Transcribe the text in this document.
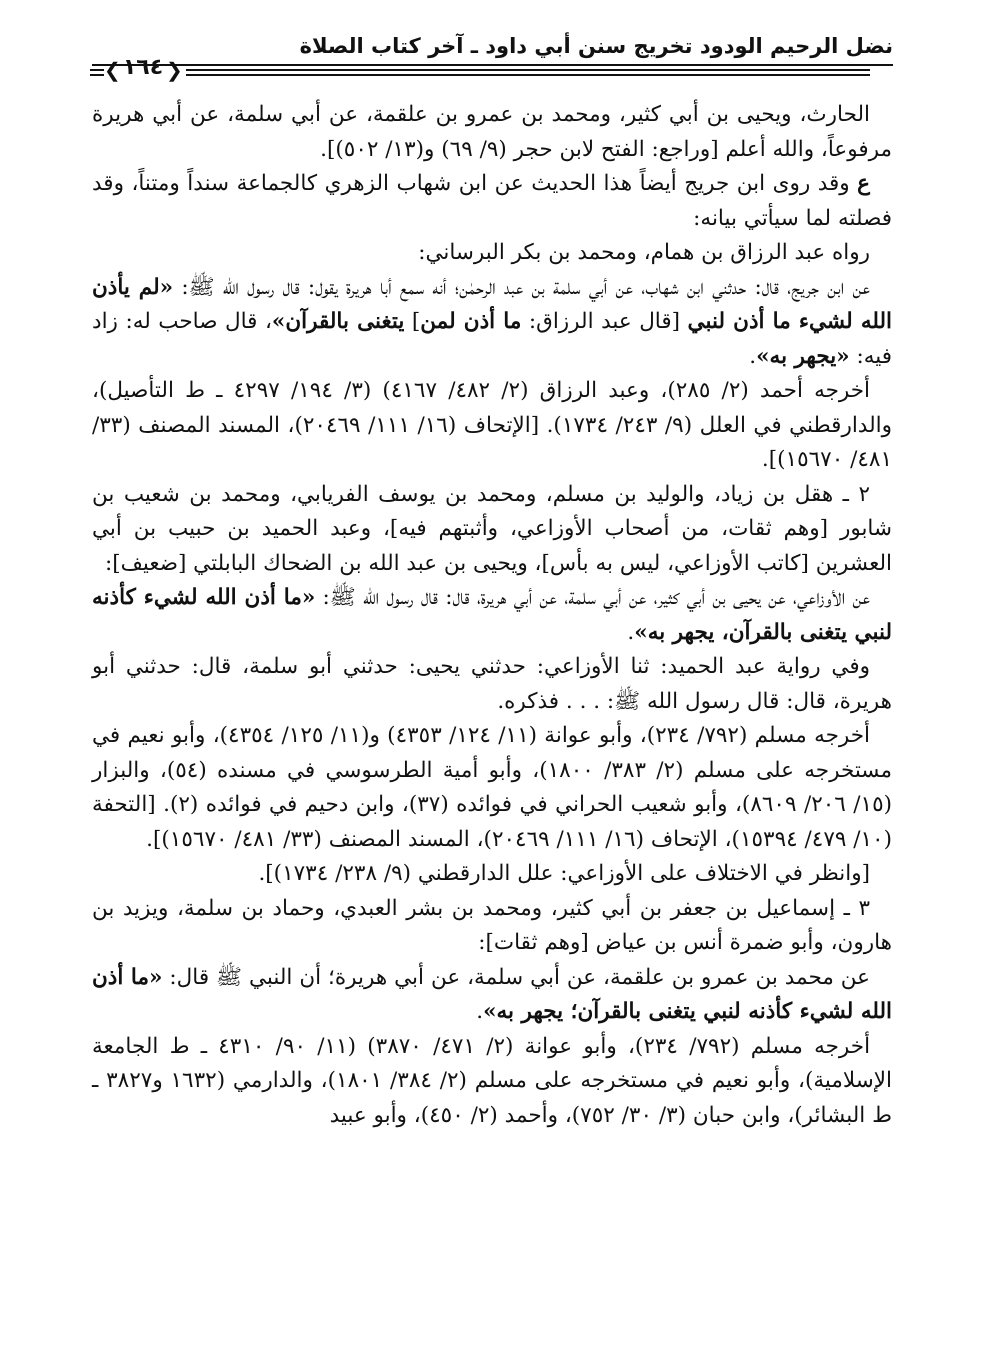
نضل الرحيم الودود تخريج سنن أبي داود ـ آخر كتاب الصلاة
❮ ١٦٤ ❯

الحارث، ويحيى بن أبي كثير، ومحمد بن عمرو بن علقمة، عن أبي سلمة، عن أبي هريرة مرفوعاً، والله أعلم [وراجع: الفتح لابن حجر (٩/ ٦٩) و(١٣/ ٥٠٢)].

ع وقد روى ابن جريج أيضاً هذا الحديث عن ابن شهاب الزهري كالجماعة سنداً ومتناً، وقد فصلته لما سيأتي بيانه:

رواه عبد الرزاق بن همام، ومحمد بن بكر البرساني:

عن ابن جريج، قال: حدثني ابن شهاب، عن أبي سلمة بن عبد الرحمٰن؛ أنه سمع أبا هريرة يقول: قال رسول الله ﷺ: «لم يأذن الله لشيء ما أذن لنبي [قال عبد الرزاق: ما أذن لمن] يتغنى بالقرآن»، قال صاحب له: زاد فيه: «يجهر به».

أخرجه أحمد (٢/ ٢٨٥)، وعبد الرزاق (٢/ ٤٨٢/ ٤١٦٧) (٣/ ١٩٤/ ٤٢٩٧ ـ ط التأصيل)، والدارقطني في العلل (٩/ ٢٤٣/ ١٧٣٤). [الإتحاف (١٦/ ١١١/ ٢٠٤٦٩)، المسند المصنف (٣٣/ ٤٨١/ ١٥٦٧٠)].

٢ ـ هقل بن زياد، والوليد بن مسلم، ومحمد بن يوسف الفريابي، ومحمد بن شعيب بن شابور [وهم ثقات، من أصحاب الأوزاعي، وأثبتهم فيه]، وعبد الحميد بن حبيب بن أبي العشرين [كاتب الأوزاعي، ليس به بأس]، ويحيى بن عبد الله بن الضحاك البابلتي [ضعيف]:

عن الأوزاعي، عن يحيى بن أبي كثير، عن أبي سلمة، عن أبي هريرة، قال: قال رسول الله ﷺ: «ما أذن الله لشيء كأذنه لنبي يتغنى بالقرآن، يجهر به».

وفي رواية عبد الحميد: ثنا الأوزاعي: حدثني يحيى: حدثني أبو سلمة، قال: حدثني أبو هريرة، قال: قال رسول الله ﷺ: . . . فذكره.

أخرجه مسلم (٧٩٢/ ٢٣٤)، وأبو عوانة (١١/ ١٢٤/ ٤٣٥٣) و(١١/ ١٢٥/ ٤٣٥٤)، وأبو نعيم في مستخرجه على مسلم (٢/ ٣٨٣/ ١٨٠٠)، وأبو أمية الطرسوسي في مسنده (٥٤)، والبزار (١٥/ ٢٠٦/ ٨٦٠٩)، وأبو شعيب الحراني في فوائده (٣٧)، وابن دحيم في فوائده (٢). [التحفة (١٠/ ٤٧٩/ ١٥٣٩٤)، الإتحاف (١٦/ ١١١/ ٢٠٤٦٩)، المسند المصنف (٣٣/ ٤٨١/ ١٥٦٧٠)].

[وانظر في الاختلاف على الأوزاعي: علل الدارقطني (٩/ ٢٣٨/ ١٧٣٤)].

٣ ـ إسماعيل بن جعفر بن أبي كثير، ومحمد بن بشر العبدي، وحماد بن سلمة، ويزيد بن هارون، وأبو ضمرة أنس بن عياض [وهم ثقات]:

عن محمد بن عمرو بن علقمة، عن أبي سلمة، عن أبي هريرة؛ أن النبي ﷺ قال: «ما أذن الله لشيء كأذنه لنبي يتغنى بالقرآن؛ يجهر به».

أخرجه مسلم (٧٩٢/ ٢٣٤)، وأبو عوانة (٢/ ٤٧١/ ٣٨٧٠) (١١/ ٩٠/ ٤٣١٠ ـ ط الجامعة الإسلامية)، وأبو نعيم في مستخرجه على مسلم (٢/ ٣٨٤/ ١٨٠١)، والدارمي (١٦٣٢ و٣٨٢٧ ـ ط البشائر)، وابن حبان (٣/ ٣٠/ ٧٥٢)، وأحمد (٢/ ٤٥٠)، وأبو عبيد
